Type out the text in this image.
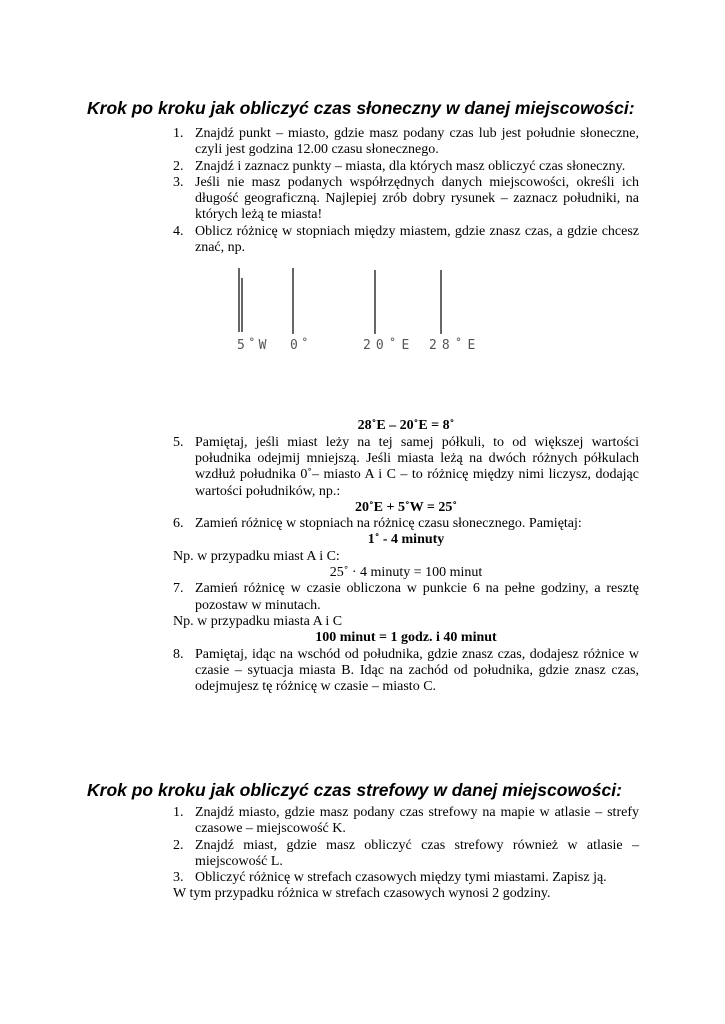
Krok po kroku jak obliczyć czas słoneczny w danej miejscowości:
1. Znajdź punkt – miasto, gdzie masz podany czas lub jest południe słoneczne, czyli jest godzina 12.00 czasu słonecznego.
2. Znajdź i zaznacz punkty – miasta, dla których masz obliczyć czas słoneczny.
3. Jeśli nie masz podanych współrzędnych danych miejscowości, określi ich długość geograficzną. Najlepiej zrób dobry rysunek – zaznacz południki, na których leżą te miasta!
4. Oblicz różnicę w stopniach między miastem, gdzie znasz czas, a gdzie chcesz znać, np.
5˚W 0˚	20˚E 28˚E
28˚E – 20˚E = 8˚
5. Pamiętaj, jeśli miast leży na tej samej półkuli, to od większej wartości południka odejmij mniejszą. Jeśli miasta leżą na dwóch różnych półkulach wzdłuż południka 0˚– miasto A i C – to różnicę między nimi liczysz, dodając wartości południków, np.:
20˚E + 5˚W = 25˚
6. Zamień różnicę w stopniach na różnicę czasu słonecznego. Pamiętaj:
1˚ - 4 minuty
Np. w przypadku miast A i C:
25˚ · 4 minuty = 100 minut
7. Zamień różnicę w czasie obliczona w punkcie 6 na pełne godziny, a resztę pozostaw w minutach.
Np. w przypadku miasta A i C
100 minut = 1 godz. i 40 minut
8. Pamiętaj, idąc na wschód od południka, gdzie znasz czas, dodajesz różnice w czasie – sytuacja miasta B. Idąc na zachód od południka, gdzie znasz czas, odejmujesz tę różnicę w czasie – miasto C.
Krok po kroku jak obliczyć czas strefowy w danej miejscowości:
1. Znajdź miasto, gdzie masz podany czas strefowy na mapie w atlasie – strefy czasowe – miejscowość K.
2. Znajdź miast, gdzie masz obliczyć czas strefowy również w atlasie – miejscowość L.
3. Obliczyć różnicę w strefach czasowych między tymi miastami. Zapisz ją.
W tym przypadku różnica w strefach czasowych wynosi 2 godziny.
